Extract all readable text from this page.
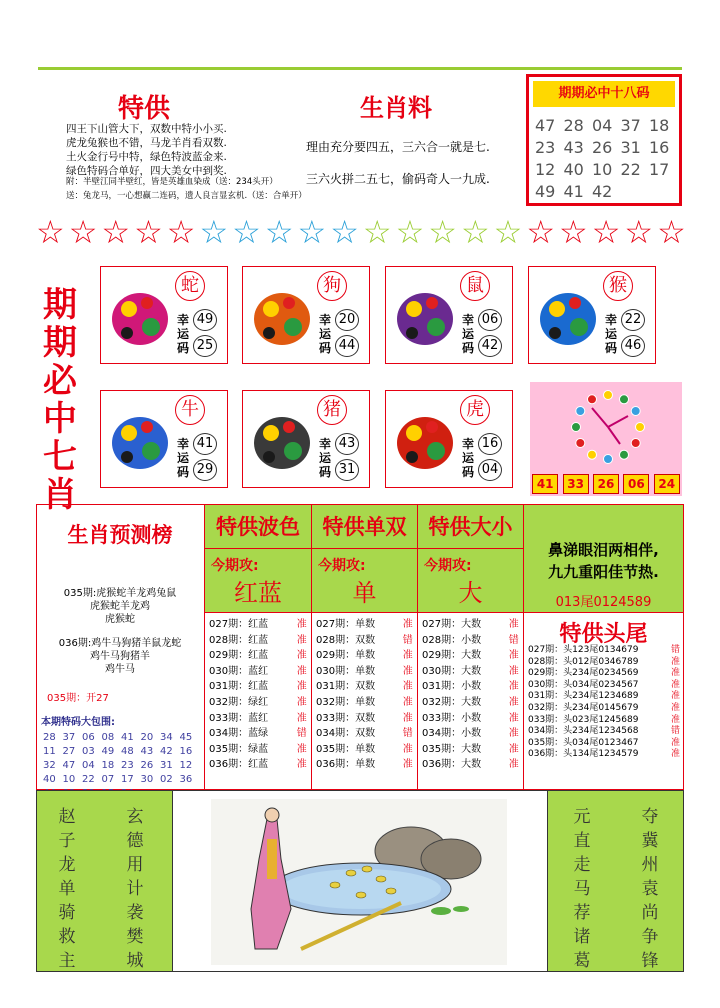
特供
四王下山管大下，双数中特小小买.
虎龙兔猴也不错，马龙羊肖看双数.
土火金行号中特，绿色特波蓝金来.
绿色特码合单好，四大美女中到奖.
附：半壁江同半壁红，皆是英雄血染成（送：234头开）
送：兔龙马，一心想赢二连码，遗人良言显玄机.（送：合单开）
生肖料
理由充分要四五，三六合一就是七.
三六火拼二五七，偷码奇人一九成.
期期必中十八码
47 28 04 37 18
23 43 26 31 16
12 40 10 22 17
49 41 42
☆ ☆ ☆ ☆ ☆ ☆ ☆ ☆ ☆ ☆ ☆ ☆ ☆ ☆ ☆ ☆ ☆ ☆ ☆ ☆
期期必中七肖
蛇
幸运码
49
25
狗
幸运码
20
44
鼠
幸运码
06
42
猴
幸运码
22
46
牛
幸运码
41
29
猪
幸运码
43
31
虎
幸运码
16
04
41	33	26	06	24
生肖预测榜
035期:虎猴蛇羊龙鸡兔鼠
虎猴蛇羊龙鸡
虎猴蛇
036期:鸡牛马狗猪羊鼠龙蛇
鸡牛马狗猪羊
鸡牛马
035期：开27
本期特码大包围:
28 37 06 08 41 20 34 45
11 27 03 49 48 43 42 16
32 47 04 18 23 26 31 12
40 10 22 07 17 30 02 36
特供波色
今期攻:
红蓝
027期：红蓝	准
028期：红蓝	准
029期：红蓝	准
030期：蓝红	准
031期：红蓝	准
032期：绿红	准
033期：蓝红	准
034期：蓝绿	错
035期：绿蓝	准
036期：红蓝	准
特供单双
今期攻:
单
027期：单数	准
028期：双数	错
029期：单数	准
030期：单数	准
031期：双数	准
032期：单数	准
033期：双数	准
034期：双数	错
035期：单数	准
036期：单数	准
特供大小
今期攻:
大
027期：大数	准
028期：小数	错
029期：大数	准
030期：大数	准
031期：小数	准
032期：大数	准
033期：小数	准
034期：小数	准
035期：大数	准
036期：大数	准
鼻涕眼泪两相伴,
九九重阳佳节热.
013尾0124589
特供头尾
027期：头123尾0134679	错
028期：头012尾0346789	准
029期：头234尾0234569	准
030期：头034尾0234567	准
031期：头234尾1234689	准
032期：头234尾0145679	准
033期：头023尾1245689	准
034期：头234尾1234568	错
035期：头034尾0123467	准
036期：头134尾1234579	准
赵子龙单骑救主
玄德用计袭樊城
元直走马荐诸葛
夺冀州袁尚争锋
